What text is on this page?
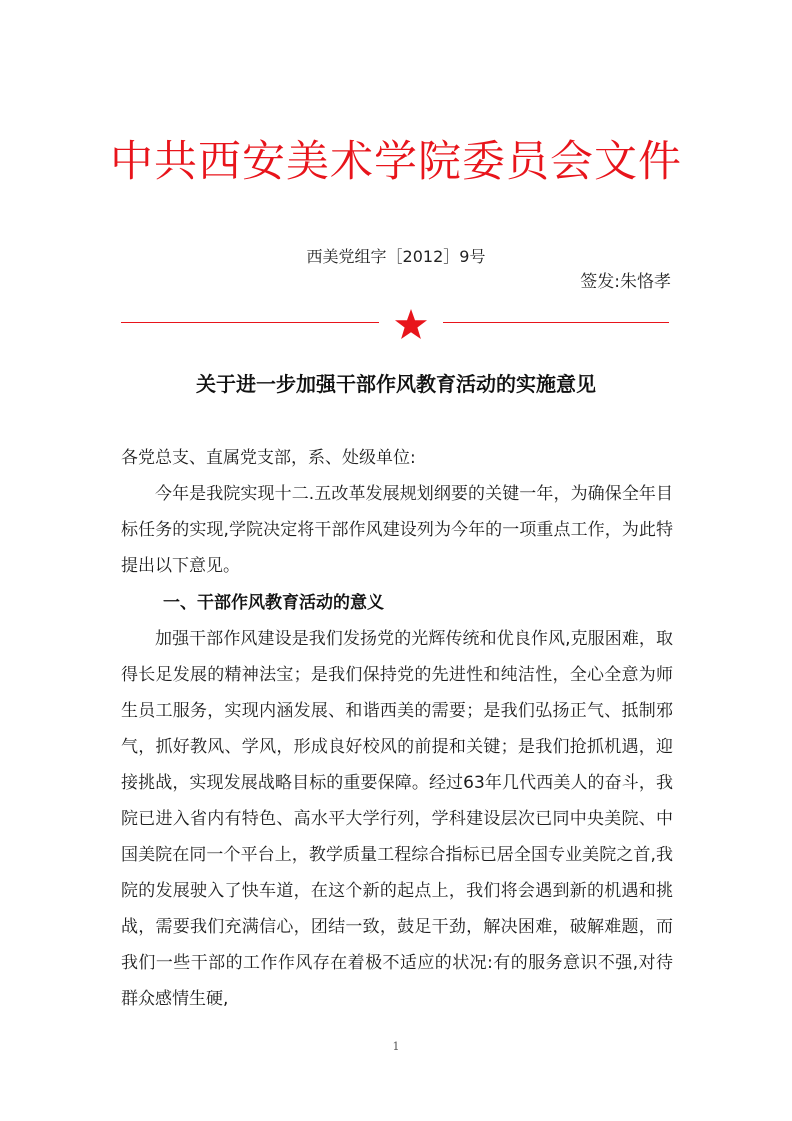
中共西安美术学院委员会文件
西美党组字［2012］9号
签发:朱恪孝
关于进一步加强干部作风教育活动的实施意见
各党总支、直属党支部，系、处级单位:
今年是我院实现十二.五改革发展规划纲要的关键一年，为确保全年目标任务的实现,学院决定将干部作风建设列为今年的一项重点工作，为此特提出以下意见。
一、干部作风教育活动的意义
加强干部作风建设是我们发扬党的光辉传统和优良作风,克服困难，取得长足发展的精神法宝；是我们保持党的先进性和纯洁性，全心全意为师生员工服务，实现内涵发展、和谐西美的需要；是我们弘扬正气、抵制邪气，抓好教风、学风，形成良好校风的前提和关键；是我们抢抓机遇，迎接挑战，实现发展战略目标的重要保障。经过63年几代西美人的奋斗，我院已进入省内有特色、高水平大学行列，学科建设层次已同中央美院、中国美院在同一个平台上，教学质量工程综合指标已居全国专业美院之首,我院的发展驶入了快车道，在这个新的起点上，我们将会遇到新的机遇和挑战，需要我们充满信心，团结一致，鼓足干劲，解决困难，破解难题，而我们一些干部的工作作风存在着极不适应的状况:有的服务意识不强,对待群众感情生硬,
1
